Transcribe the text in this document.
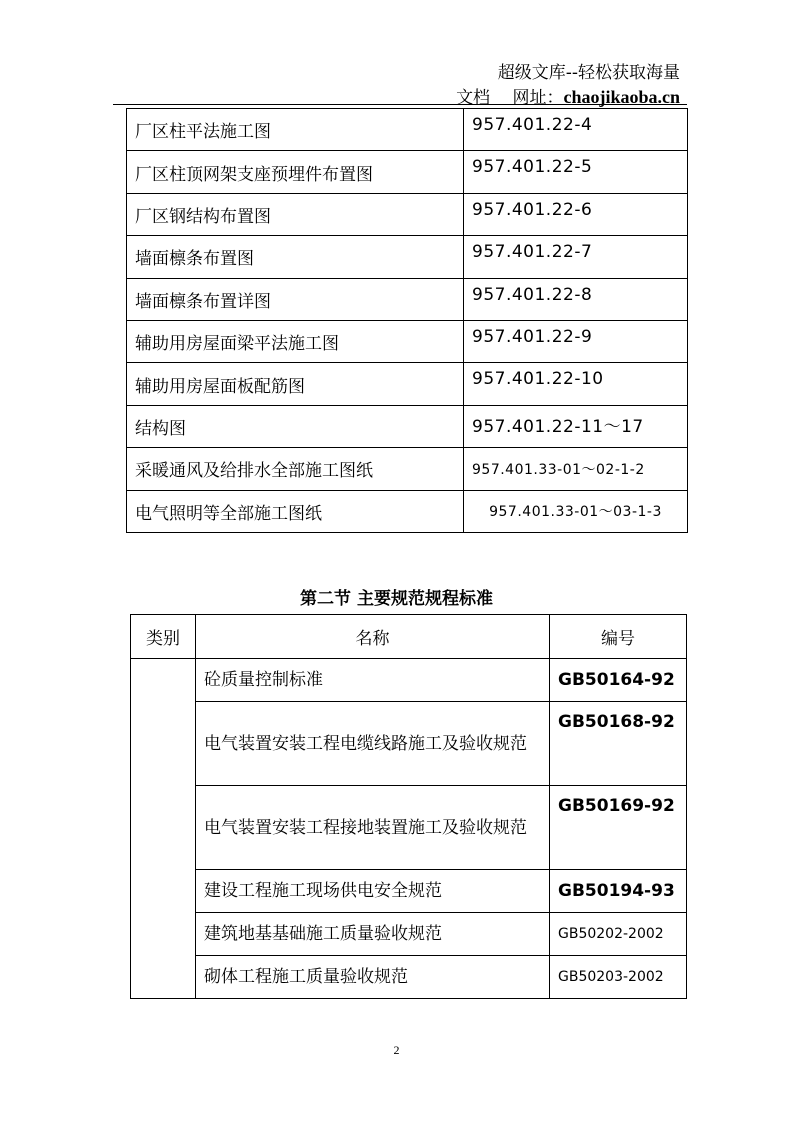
超级文库--轻松获取海量
文档　 网址：chaojikaoba.cn
厂区柱平法施工图	957.401.22-4
厂区柱顶网架支座预埋件布置图	957.401.22-5
厂区钢结构布置图	957.401.22-6
墙面檩条布置图	957.401.22-7
墙面檩条布置详图	957.401.22-8
辅助用房屋面梁平法施工图	957.401.22-9
辅助用房屋面板配筋图	957.401.22-10
结构图	957.401.22-11～17
采暖通风及给排水全部施工图纸	957.401.33-01～02-1-2
电气照明等全部施工图纸	957.401.33-01～03-1-3
第二节 主要规范规程标准
类别	名称	编号
	砼质量控制标准	GB50164-92
	电气装置安装工程电缆线路施工及验收规范	GB50168-92
	电气装置安装工程接地装置施工及验收规范	GB50169-92
	建设工程施工现场供电安全规范	GB50194-93
	建筑地基基础施工质量验收规范	GB50202-2002
	砌体工程施工质量验收规范	GB50203-2002
2
